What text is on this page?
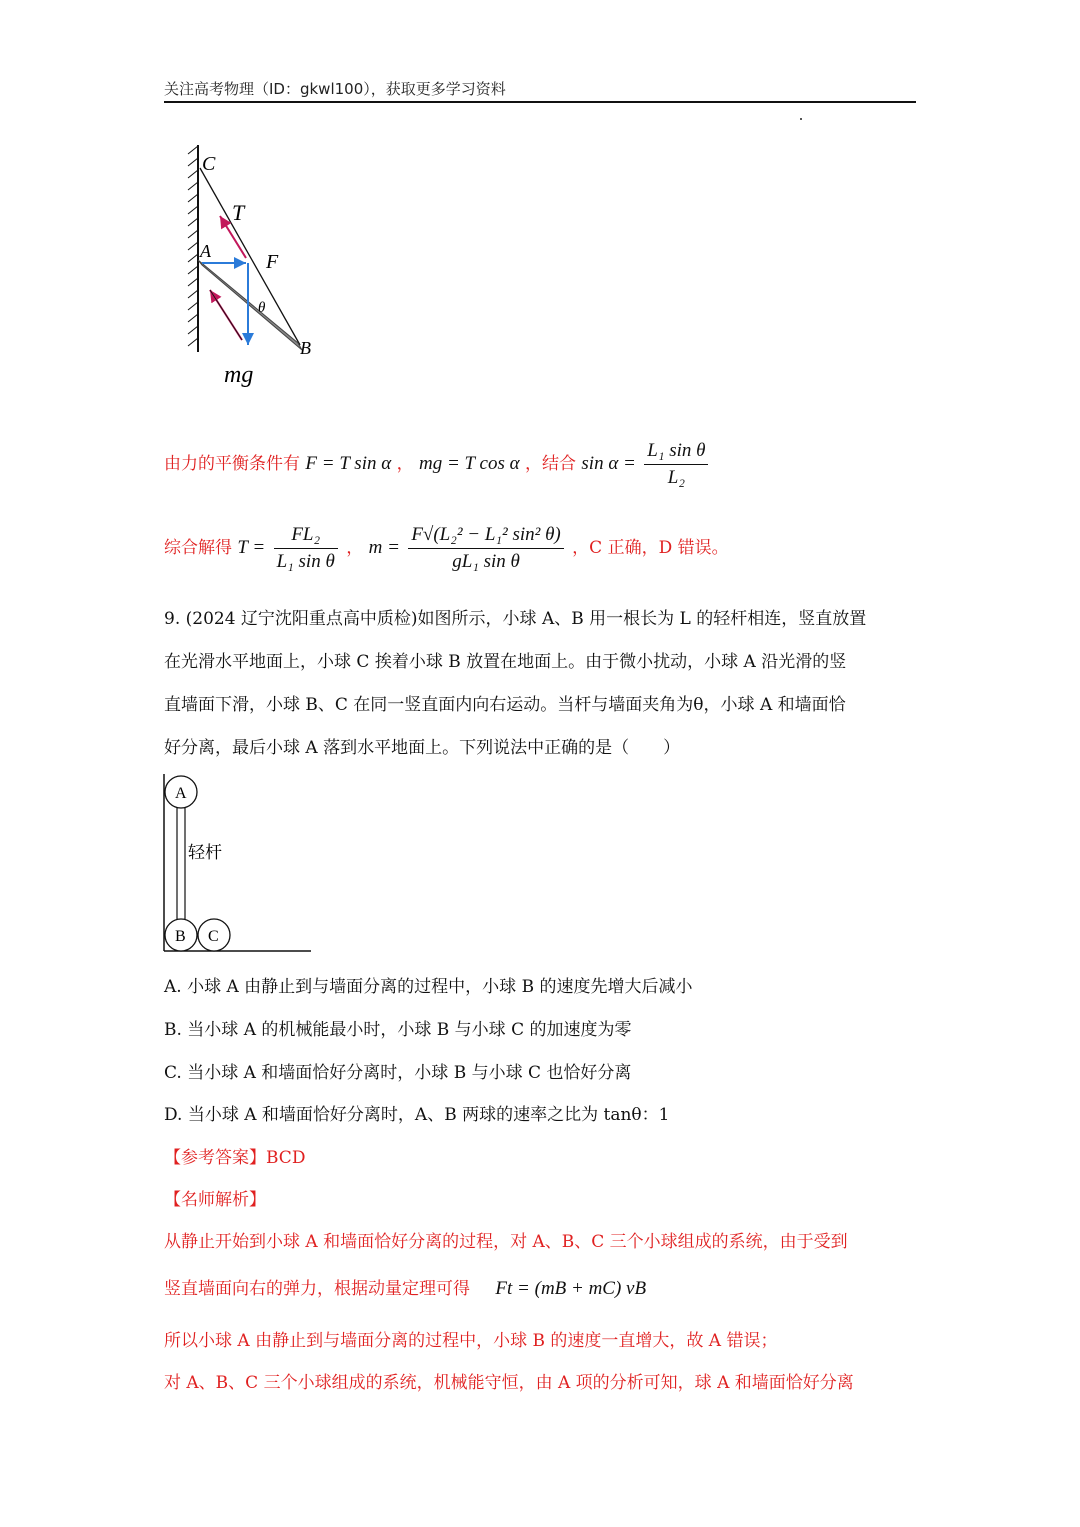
关注高考物理（ID：gkwl100），获取更多学习资料
C
T
A	F
θ
B
mg
由力的平衡条件有 F = T sin α ， mg = T cos α ，结合 $\sin \alpha = \frac{\text{L₁ sin θ}}{\text{L₂}}$
综合解得 $T = \frac{\text{FL₂}}{\text{L₁ sin θ}}$ ， $m = \frac{\text{F√(L₂² − L₁² sin² θ)}}{\text{gL₁ sin θ}}$ ，C 正确，D 错误。
9. (2024 辽宁沈阳重点高中质检)如图所示，小球 A、B 用一根长为 L 的轻杆相连，竖直放置
在光滑水平地面上，小球 C 挨着小球 B 放置在地面上。由于微小扰动，小球 A 沿光滑的竖
直墙面下滑，小球 B、C 在同一竖直面内向右运动。当杆与墙面夹角为θ，小球 A 和墙面恰
好分离，最后小球 A 落到水平地面上。下列说法中正确的是（　　）
A
B C
轻杆
A. 小球 A 由静止到与墙面分离的过程中，小球 B 的速度先增大后减小
B. 当小球 A 的机械能最小时，小球 B 与小球 C 的加速度为零
C. 当小球 A 和墙面恰好分离时，小球 B 与小球 C 也恰好分离
D. 当小球 A 和墙面恰好分离时，A、B 两球的速率之比为 tanθ：1
【参考答案】BCD
【名师解析】
从静止开始到小球 A 和墙面恰好分离的过程，对 A、B、C 三个小球组成的系统，由于受到
竖直墙面向右的弹力，根据动量定理可得 Ft = (mB + mC) vB
所以小球 A 由静止到与墙面分离的过程中，小球 B 的速度一直增大，故 A 错误；
对 A、B、C 三个小球组成的系统，机械能守恒，由 A 项的分析可知，球 A 和墙面恰好分离
